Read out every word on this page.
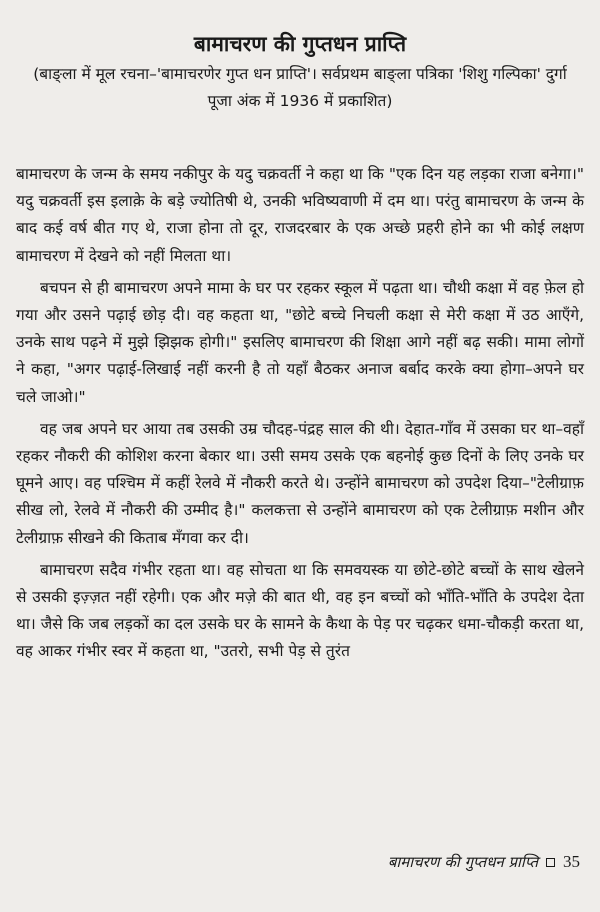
बामाचरण की गुप्तधन प्राप्ति

(बाङ्ला में मूल रचना–'बामाचरणेर गुप्त धन प्राप्ति'। सर्वप्रथम बाङ्ला पत्रिका 'शिशु गल्पिका' दुर्गा पूजा अंक में 1936 में प्रकाशित)

बामाचरण के जन्म के समय नकीपुर के यदु चक्रवर्ती ने कहा था कि "एक दिन यह लड़का राजा बनेगा।" यदु चक्रवर्ती इस इलाक़े के बड़े ज्योतिषी थे, उनकी भविष्यवाणी में दम था। परंतु बामाचरण के जन्म के बाद कई वर्ष बीत गए थे, राजा होना तो दूर, राजदरबार के एक अच्छे प्रहरी होने का भी कोई लक्षण बामाचरण में देखने को नहीं मिलता था।

बचपन से ही बामाचरण अपने मामा के घर पर रहकर स्कूल में पढ़ता था। चौथी कक्षा में वह फ़ेल हो गया और उसने पढ़ाई छोड़ दी। वह कहता था, "छोटे बच्चे निचली कक्षा से मेरी कक्षा में उठ आएँगे, उनके साथ पढ़ने में मुझे झिझक होगी।" इसलिए बामाचरण की शिक्षा आगे नहीं बढ़ सकी। मामा लोगों ने कहा, "अगर पढ़ाई-लिखाई नहीं करनी है तो यहाँ बैठकर अनाज बर्बाद करके क्या होगा–अपने घर चले जाओ।"

वह जब अपने घर आया तब उसकी उम्र चौदह-पंद्रह साल की थी। देहात-गाँव में उसका घर था–वहाँ रहकर नौकरी की कोशिश करना बेकार था। उसी समय उसके एक बहनोई कुछ दिनों के लिए उनके घर घूमने आए। वह पश्चिम में कहीं रेलवे में नौकरी करते थे। उन्होंने बामाचरण को उपदेश दिया–"टेलीग्राफ़ सीख लो, रेलवे में नौकरी की उम्मीद है।" कलकत्ता से उन्होंने बामाचरण को एक टेलीग्राफ़ मशीन और टेलीग्राफ़ सीखने की किताब मँगवा कर दी।

बामाचरण सदैव गंभीर रहता था। वह सोचता था कि समवयस्क या छोटे-छोटे बच्चों के साथ खेलने से उसकी इज़्ज़त नहीं रहेगी। एक और मज़े की बात थी, वह इन बच्चों को भाँति-भाँति के उपदेश देता था। जैसे कि जब लड़कों का दल उसके घर के सामने के कैथा के पेड़ पर चढ़कर धमा-चौकड़ी करता था, वह आकर गंभीर स्वर में कहता था, "उतरो, सभी पेड़ से तुरंत

बामाचरण की गुप्तधन प्राप्ति 35
